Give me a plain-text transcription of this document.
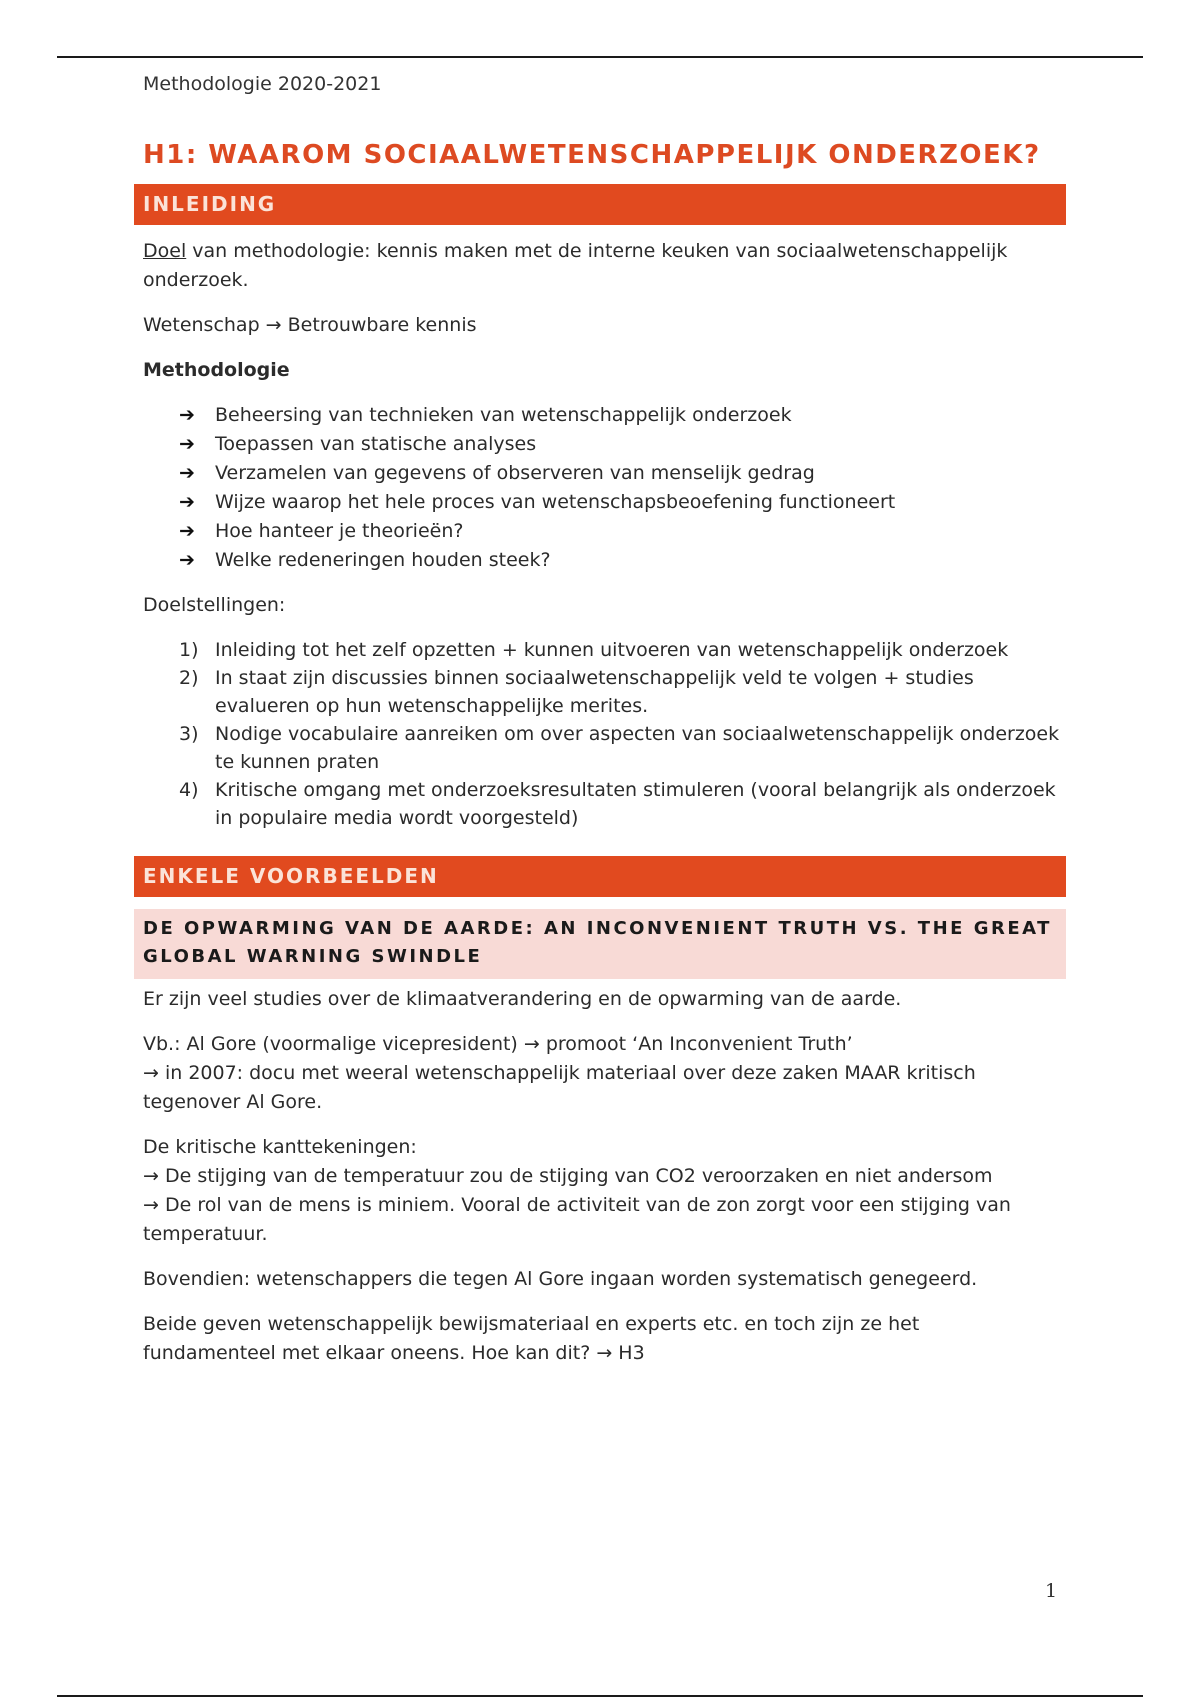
Methodologie 2020-2021
H1: WAAROM SOCIAALWETENSCHAPPELIJK ONDERZOEK?
INLEIDING

Doel van methodologie: kennis maken met de interne keuken van sociaalwetenschappelijk onderzoek.

Wetenschap → Betrouwbare kennis

Methodologie

➔ Beheersing van technieken van wetenschappelijk onderzoek
➔ Toepassen van statische analyses
➔ Verzamelen van gegevens of observeren van menselijk gedrag
➔ Wijze waarop het hele proces van wetenschapsbeoefening functioneert
➔ Hoe hanteer je theorieën?
➔ Welke redeneringen houden steek?

Doelstellingen:

1) Inleiding tot het zelf opzetten + kunnen uitvoeren van wetenschappelijk onderzoek
2) In staat zijn discussies binnen sociaalwetenschappelijk veld te volgen + studies evalueren op hun wetenschappelijke merites.
3) Nodige vocabulaire aanreiken om over aspecten van sociaalwetenschappelijk onderzoek te kunnen praten
4) Kritische omgang met onderzoeksresultaten stimuleren (vooral belangrijk als onderzoek in populaire media wordt voorgesteld)
ENKELE VOORBEELDEN
DE OPWARMING VAN DE AARDE: AN INCONVENIENT TRUTH VS. THE GREAT GLOBAL WARNING SWINDLE

Er zijn veel studies over de klimaatverandering en de opwarming van de aarde.

Vb.: Al Gore (voormalige vicepresident) → promoot ‘An Inconvenient Truth’
→ in 2007: docu met weeral wetenschappelijk materiaal over deze zaken MAAR kritisch tegenover Al Gore.
De kritische kanttekeningen:
→ De stijging van de temperatuur zou de stijging van CO2 veroorzaken en niet andersom
→ De rol van de mens is miniem. Vooral de activiteit van de zon zorgt voor een stijging van temperatuur.

Bovendien: wetenschappers die tegen Al Gore ingaan worden systematisch genegeerd.

Beide geven wetenschappelijk bewijsmateriaal en experts etc. en toch zijn ze het fundamenteel met elkaar oneens. Hoe kan dit? → H3

1
